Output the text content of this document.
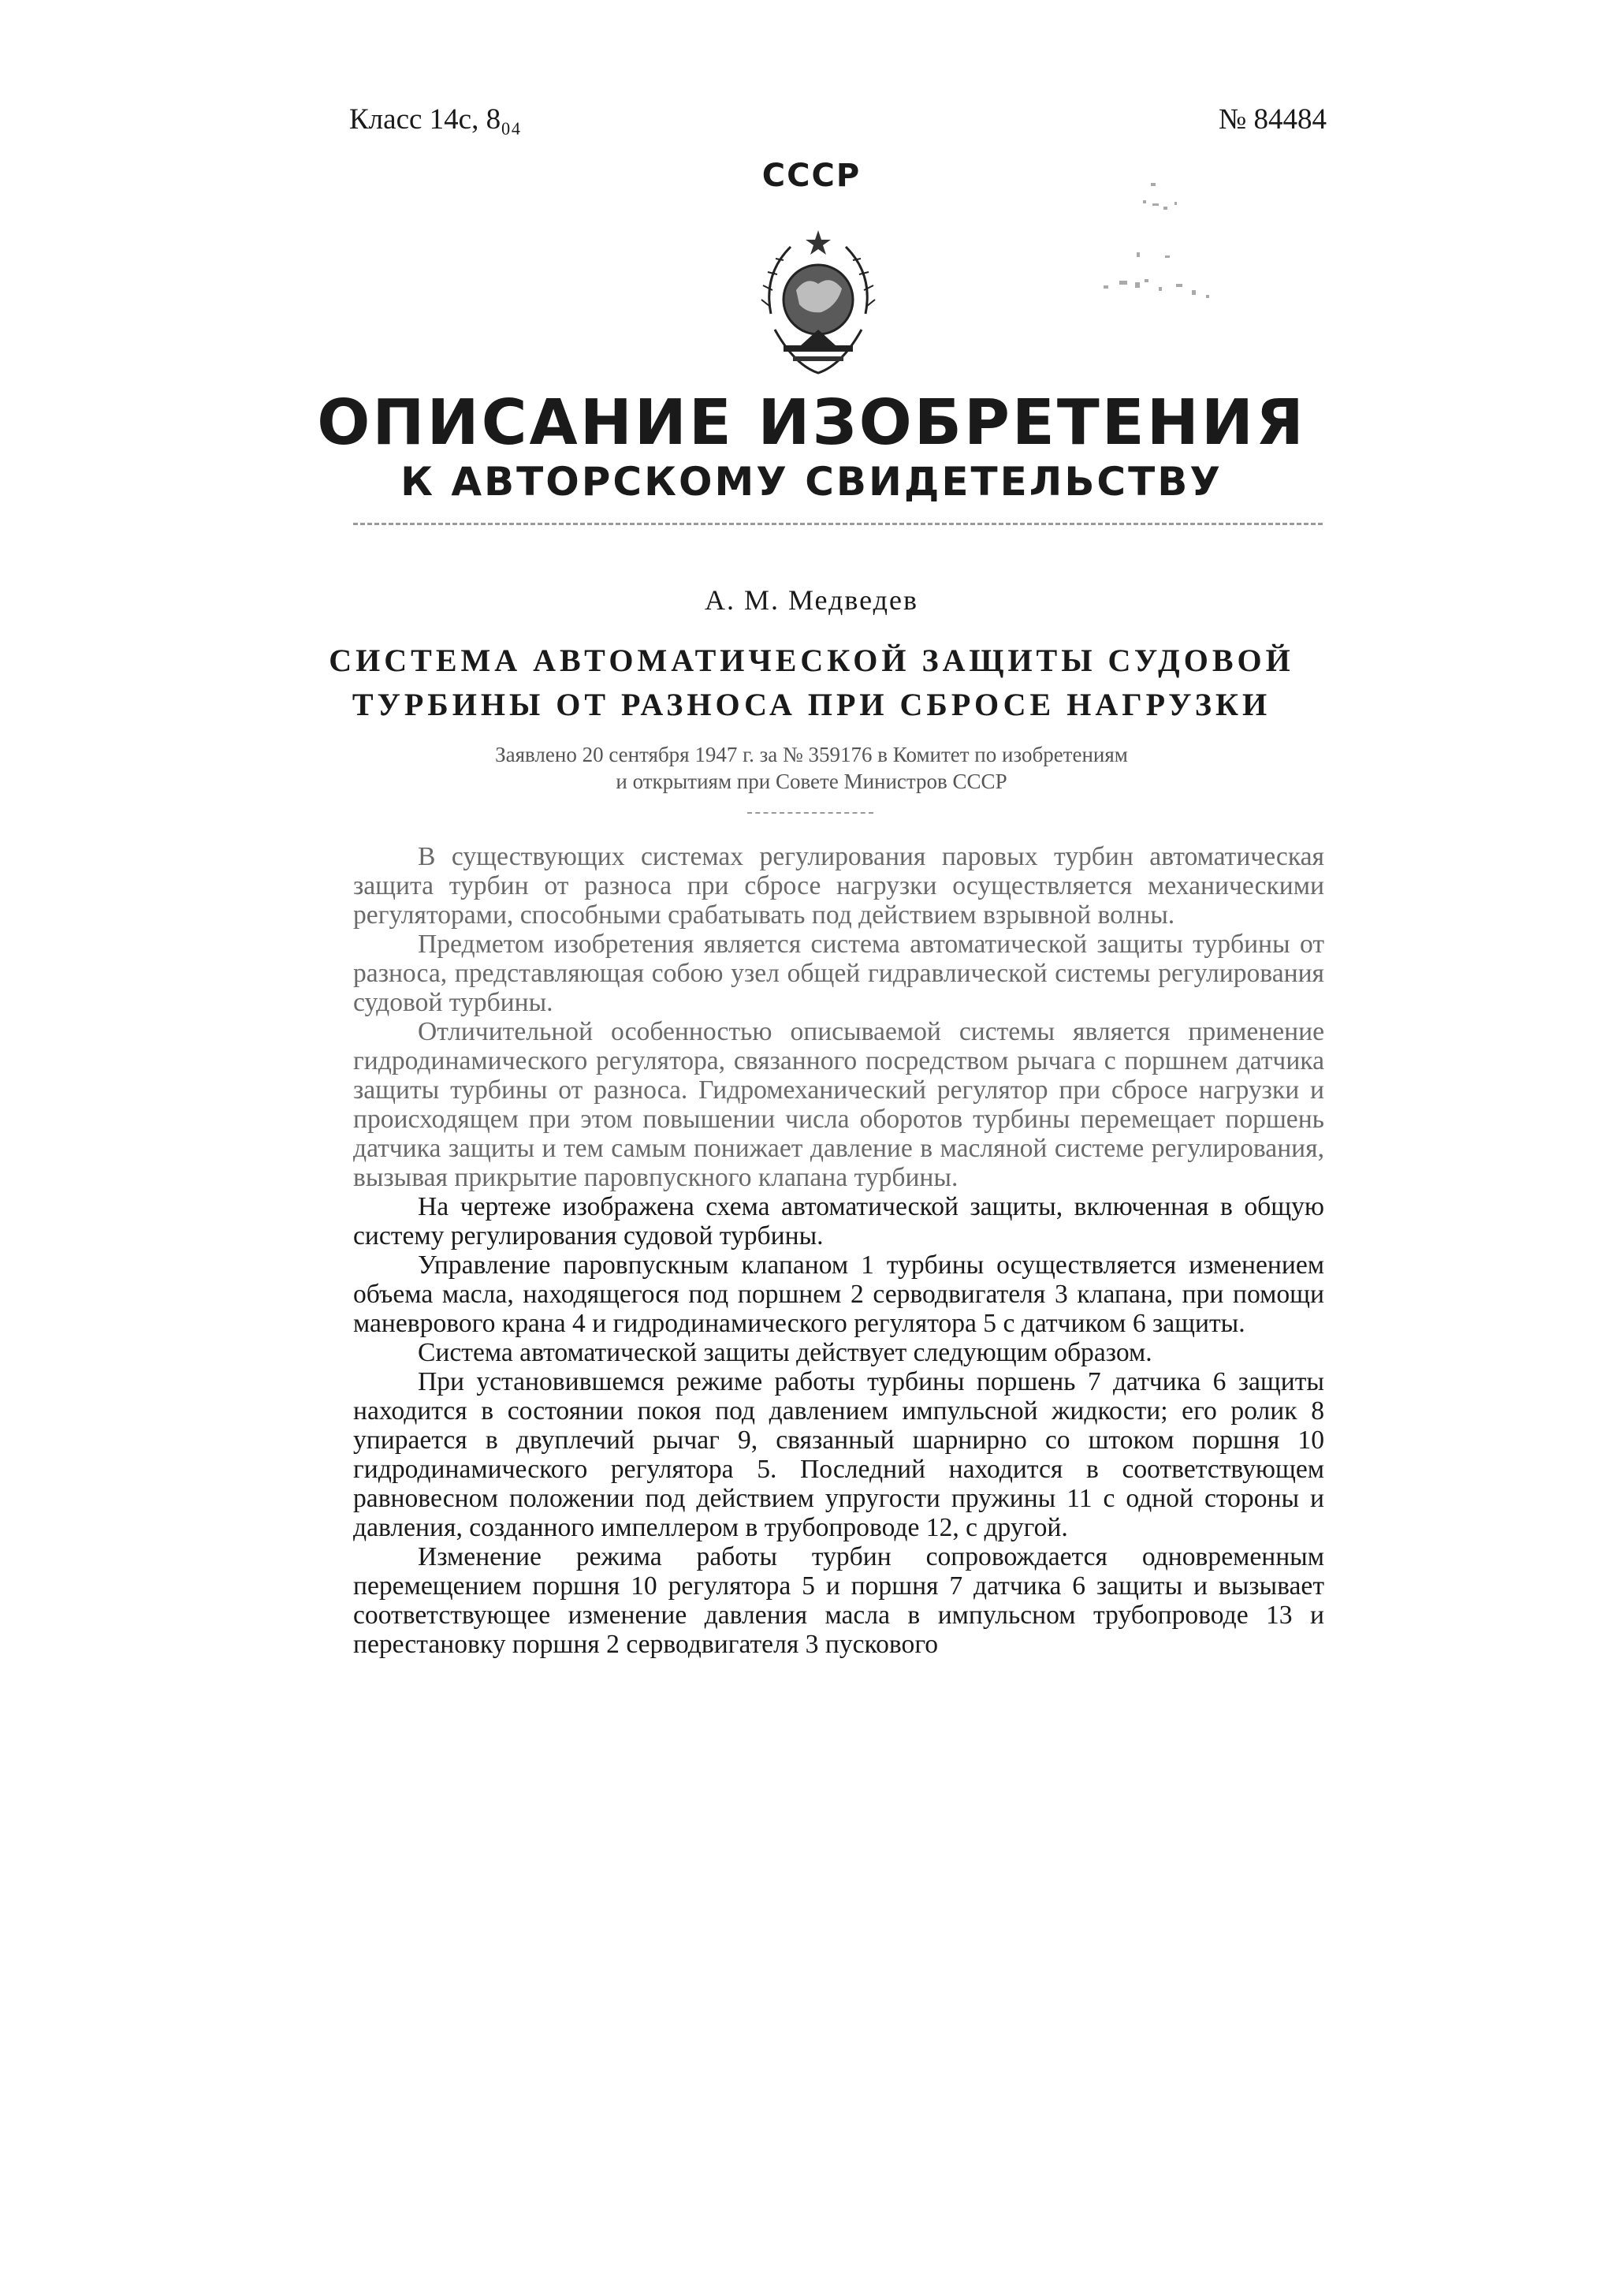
Класс 14с, 8₀₄	№ 84484
СССР
ОПИСАНИЕ ИЗОБРЕТЕНИЯ
К АВТОРСКОМУ СВИДЕТЕЛЬСТВУ
А. М. Медведев
СИСТЕМА АВТОМАТИЧЕСКОЙ ЗАЩИТЫ СУДОВОЙ
ТУРБИНЫ ОТ РАЗНОСА ПРИ СБРОСЕ НАГРУЗКИ
Заявлено 20 сентября 1947 г. за № 359176 в Комитет по изобретениям
и открытиям при Совете Министров СССР

В существующих системах регулирования паровых турбин автоматическая защита турбин от разноса при сбросе нагрузки осуществляется механическими регуляторами, способными срабатывать под действием взрывной волны.

Предметом изобретения является система автоматической защиты турбины от разноса, представляющая собою узел общей гидравлической системы регулирования судовой турбины.

Отличительной особенностью описываемой системы является применение гидродинамического регулятора, связанного посредством рычага с поршнем датчика защиты турбины от разноса. Гидромеханический регулятор при сбросе нагрузки и происходящем при этом повышении числа оборотов турбины перемещает поршень датчика защиты и тем самым понижает давление в масляной системе регулирования, вызывая прикрытие паровпускного клапана турбины.

На чертеже изображена схема автоматической защиты, включенная в общую систему регулирования судовой турбины.

Управление паровпускным клапаном 1 турбины осуществляется изменением объема масла, находящегося под поршнем 2 серводвигателя 3 клапана, при помощи маневрового крана 4 и гидродинамического регулятора 5 с датчиком 6 защиты.

Система автоматической защиты действует следующим образом.

При установившемся режиме работы турбины поршень 7 датчика 6 защиты находится в состоянии покоя под давлением импульсной жидкости; его ролик 8 упирается в двуплечий рычаг 9, связанный шарнирно со штоком поршня 10 гидродинамического регулятора 5. Последний находится в соответствующем равновесном положении под действием упругости пружины 11 с одной стороны и давления, созданного импеллером в трубопроводе 12, с другой.

Изменение режима работы турбин сопровождается одновременным перемещением поршня 10 регулятора 5 и поршня 7 датчика 6 защиты и вызывает соответствующее изменение давления масла в импульсном трубопроводе 13 и перестановку поршня 2 серводвигателя 3 пускового
